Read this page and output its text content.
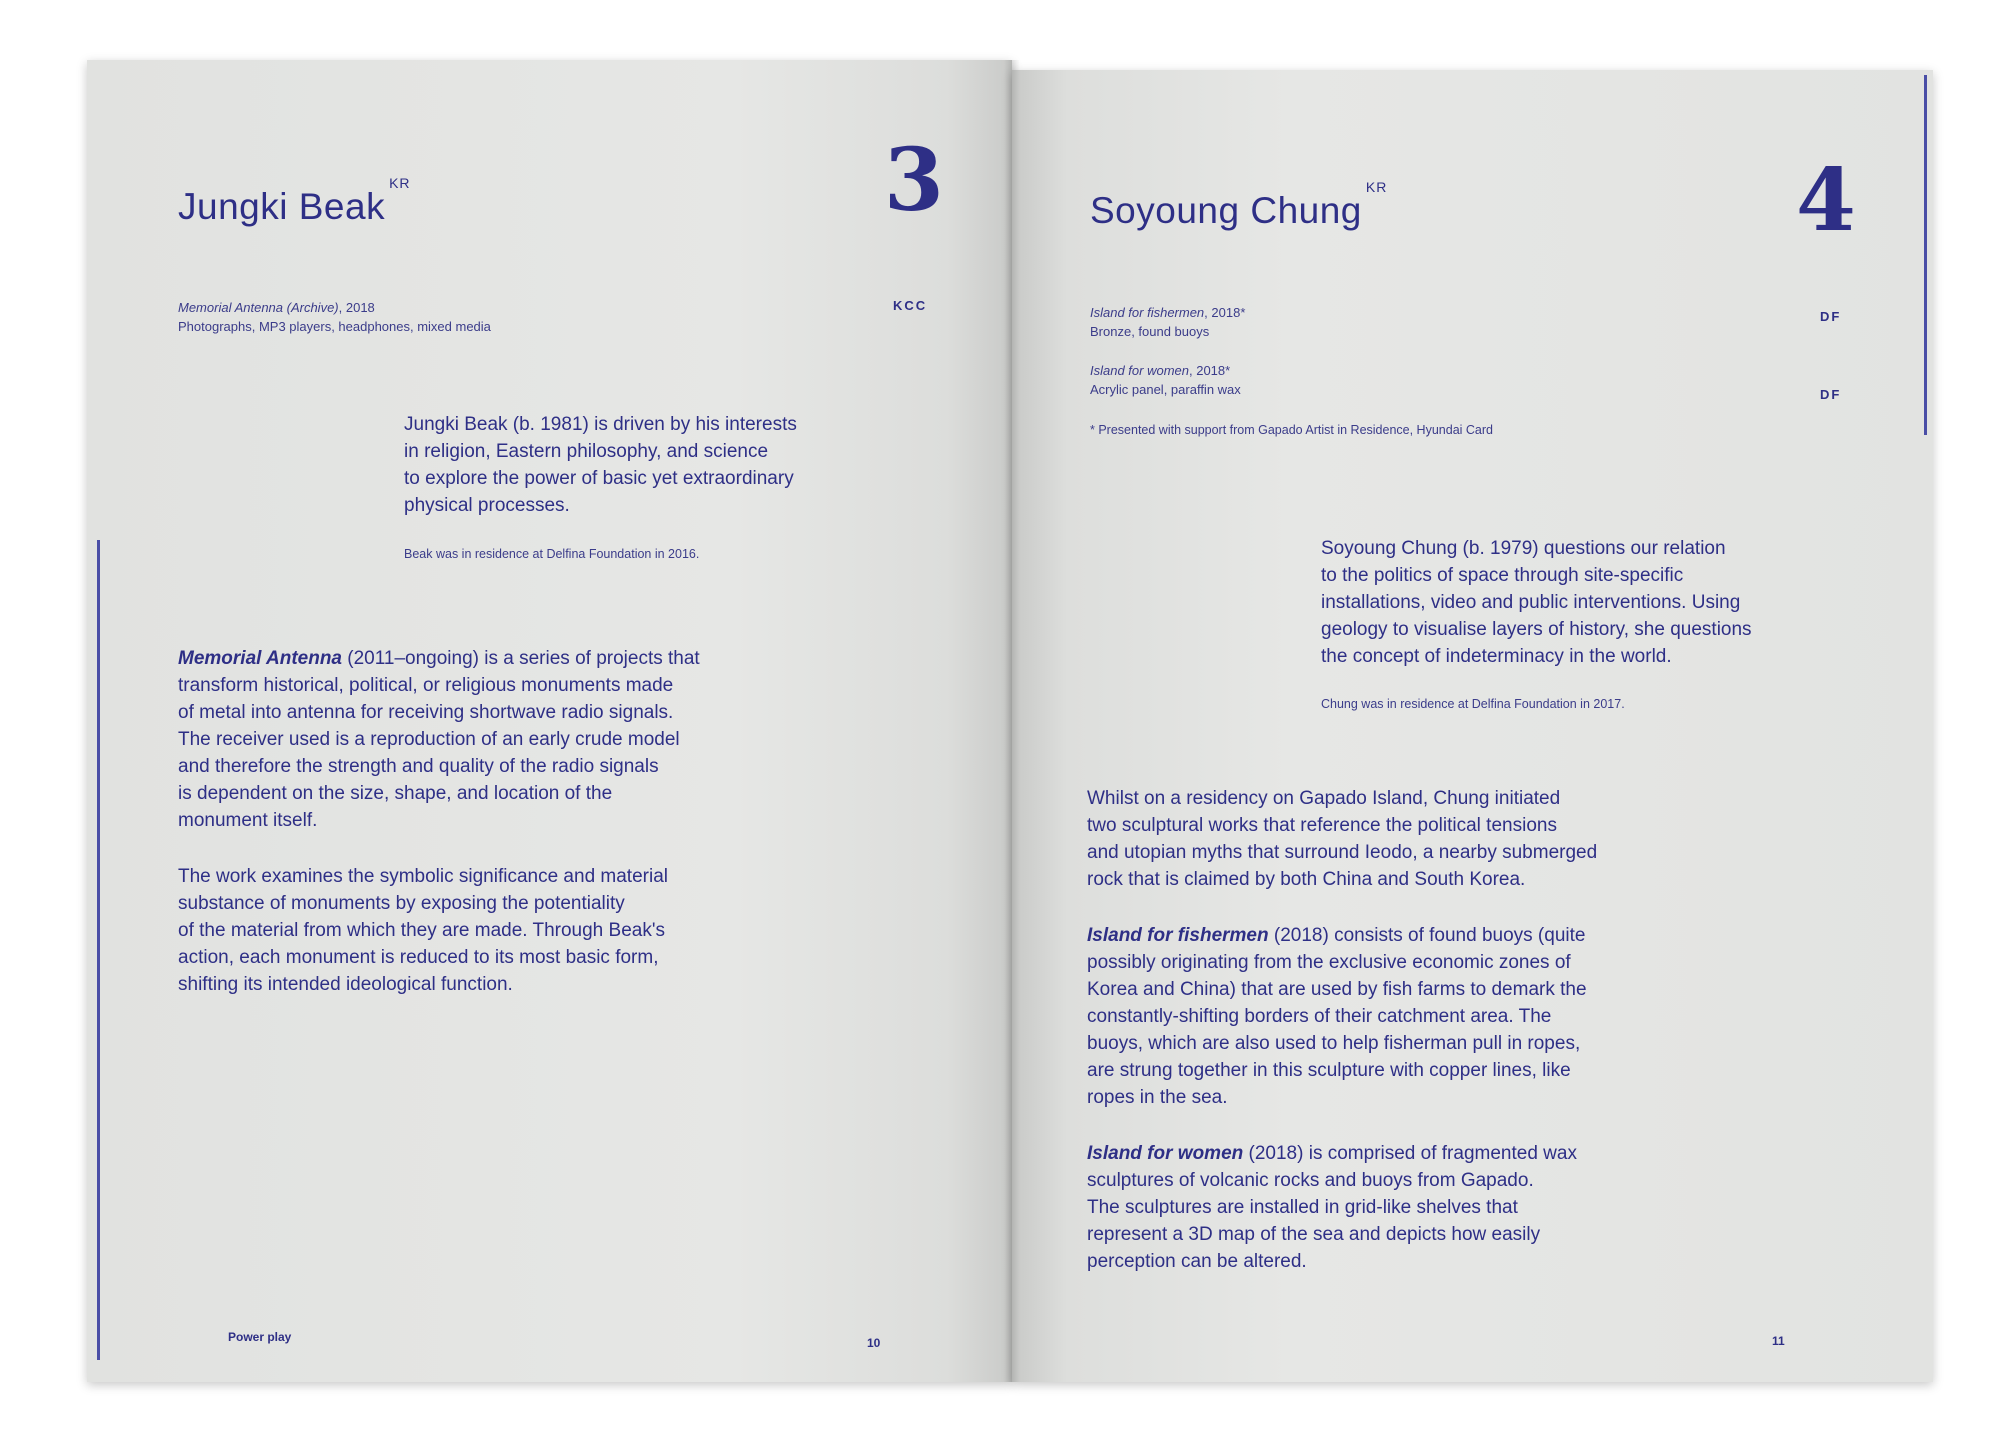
Jungki Beak$^{KR}$	3
Memorial Antenna (Archive), 2018
Photographs, MP3 players, headphones, mixed media
KCC
Jungki Beak (b. 1981) is driven by his interests
in religion, Eastern philosophy, and science
to explore the power of basic yet extraordinary
physical processes.
Beak was in residence at Delfina Foundation in 2016.

Memorial Antenna (2011–ongoing) is a series of projects that
transform historical, political, or religious monuments made
of metal into antenna for receiving shortwave radio signals.
The receiver used is a reproduction of an early crude model
and therefore the strength and quality of the radio signals
is dependent on the size, shape, and location of the
monument itself.

The work examines the symbolic significance and material
substance of monuments by exposing the potentiality
of the material from which they are made. Through Beak's
action, each monument is reduced to its most basic form,
shifting its intended ideological function.

Power play	10
Soyoung Chung$^{KR}$	4
Island for fishermen, 2018*
Bronze, found buoys
DF
Island for women, 2018*
Acrylic panel, paraffin wax	DF
* Presented with support from Gapado Artist in Residence, Hyundai Card
Soyoung Chung (b. 1979) questions our relation
to the politics of space through site-specific
installations, video and public interventions. Using
geology to visualise layers of history, she questions
the concept of indeterminacy in the world.
Chung was in residence at Delfina Foundation in 2017.

Whilst on a residency on Gapado Island, Chung initiated
two sculptural works that reference the political tensions
and utopian myths that surround Ieodo, a nearby submerged
rock that is claimed by both China and South Korea.

Island for fishermen (2018) consists of found buoys (quite
possibly originating from the exclusive economic zones of
Korea and China) that are used by fish farms to demark the
constantly-shifting borders of their catchment area. The
buoys, which are also used to help fisherman pull in ropes,
are strung together in this sculpture with copper lines, like
ropes in the sea.

Island for women (2018) is comprised of fragmented wax
sculptures of volcanic rocks and buoys from Gapado.
The sculptures are installed in grid-like shelves that
represent a 3D map of the sea and depicts how easily
perception can be altered.

11
